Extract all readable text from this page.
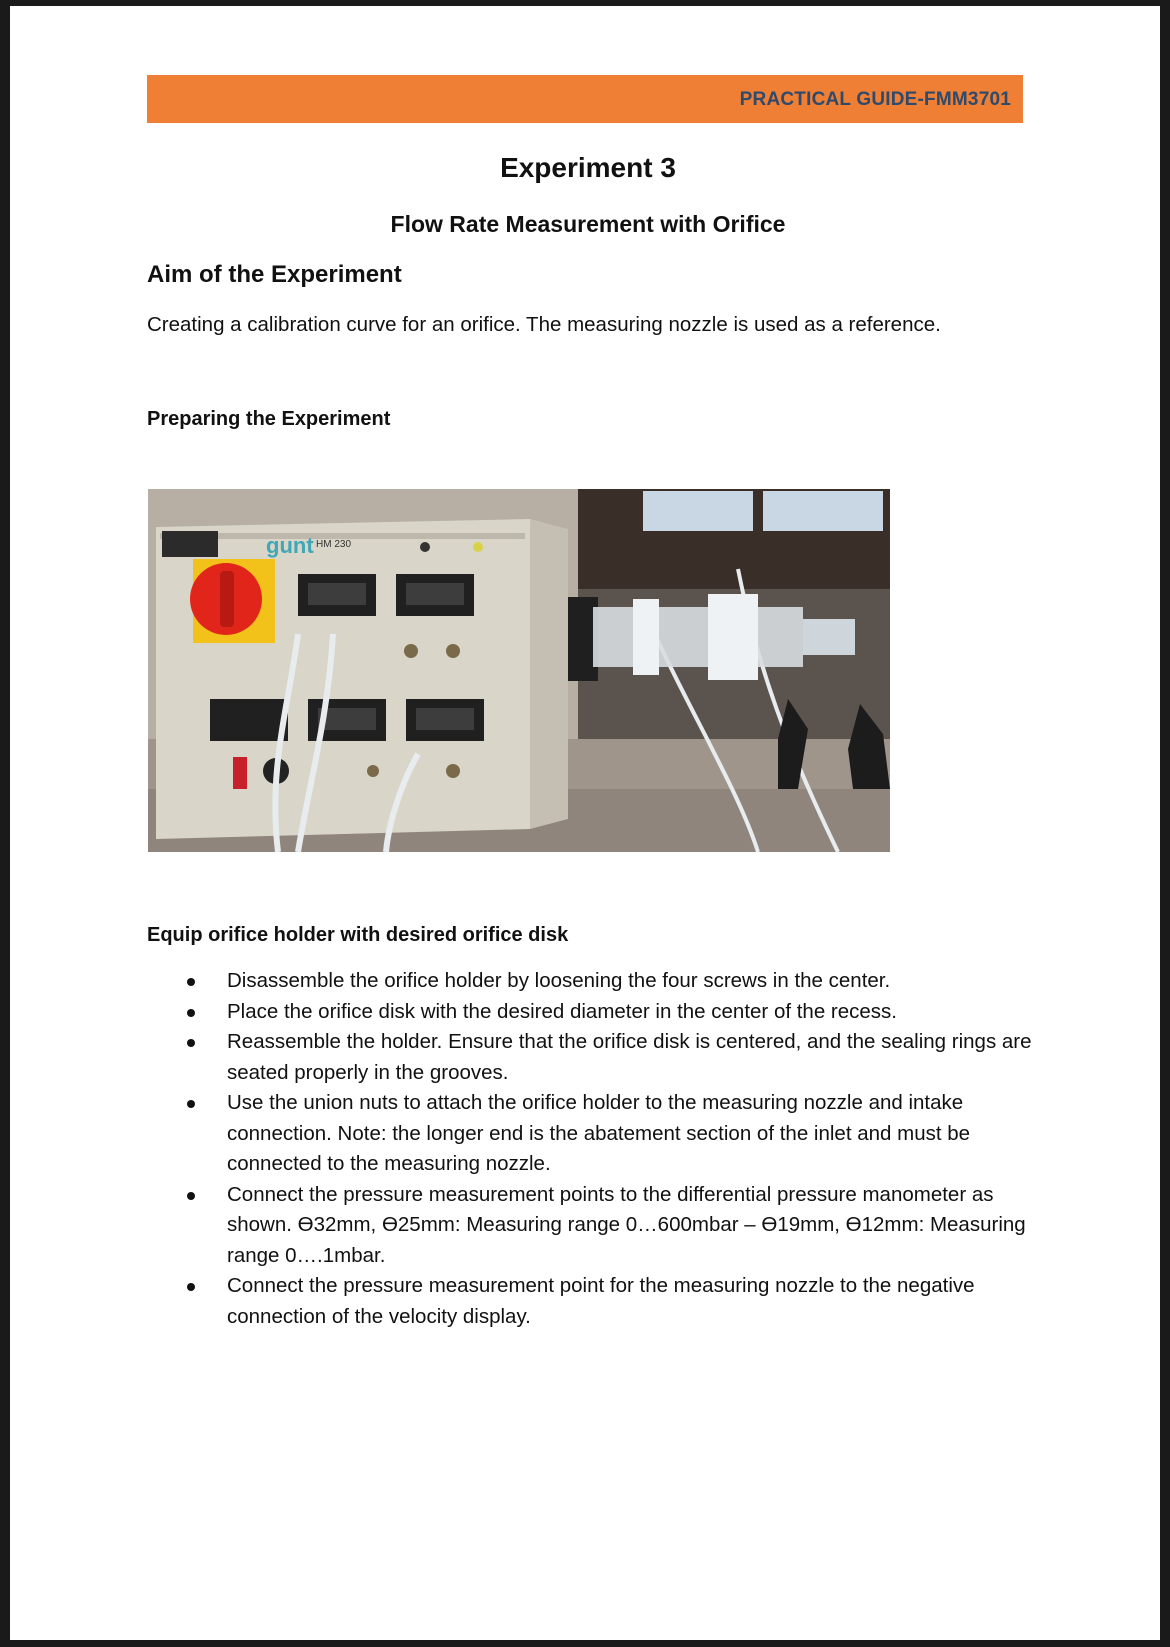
PRACTICAL GUIDE-FMM3701
Experiment 3
Flow Rate Measurement with Orifice
Aim of the Experiment
Creating a calibration curve for an orifice. The measuring nozzle is used as a reference.
Preparing the Experiment
gunt HM 230
Equip orifice holder with desired orifice disk
Disassemble the orifice holder by loosening the four screws in the center.
Place the orifice disk with the desired diameter in the center of the recess.
Reassemble the holder. Ensure that the orifice disk is centered, and the sealing rings are seated properly in the grooves.
Use the union nuts to attach the orifice holder to the measuring nozzle and intake connection. Note: the longer end is the abatement section of the inlet and must be connected to the measuring nozzle.
Connect the pressure measurement points to the differential pressure manometer as shown. Ɵ32mm, Ɵ25mm: Measuring range 0…600mbar – Ɵ19mm, Ɵ12mm: Measuring range 0….1mbar.
Connect the pressure measurement point for the measuring nozzle to the negative connection of the velocity display.
